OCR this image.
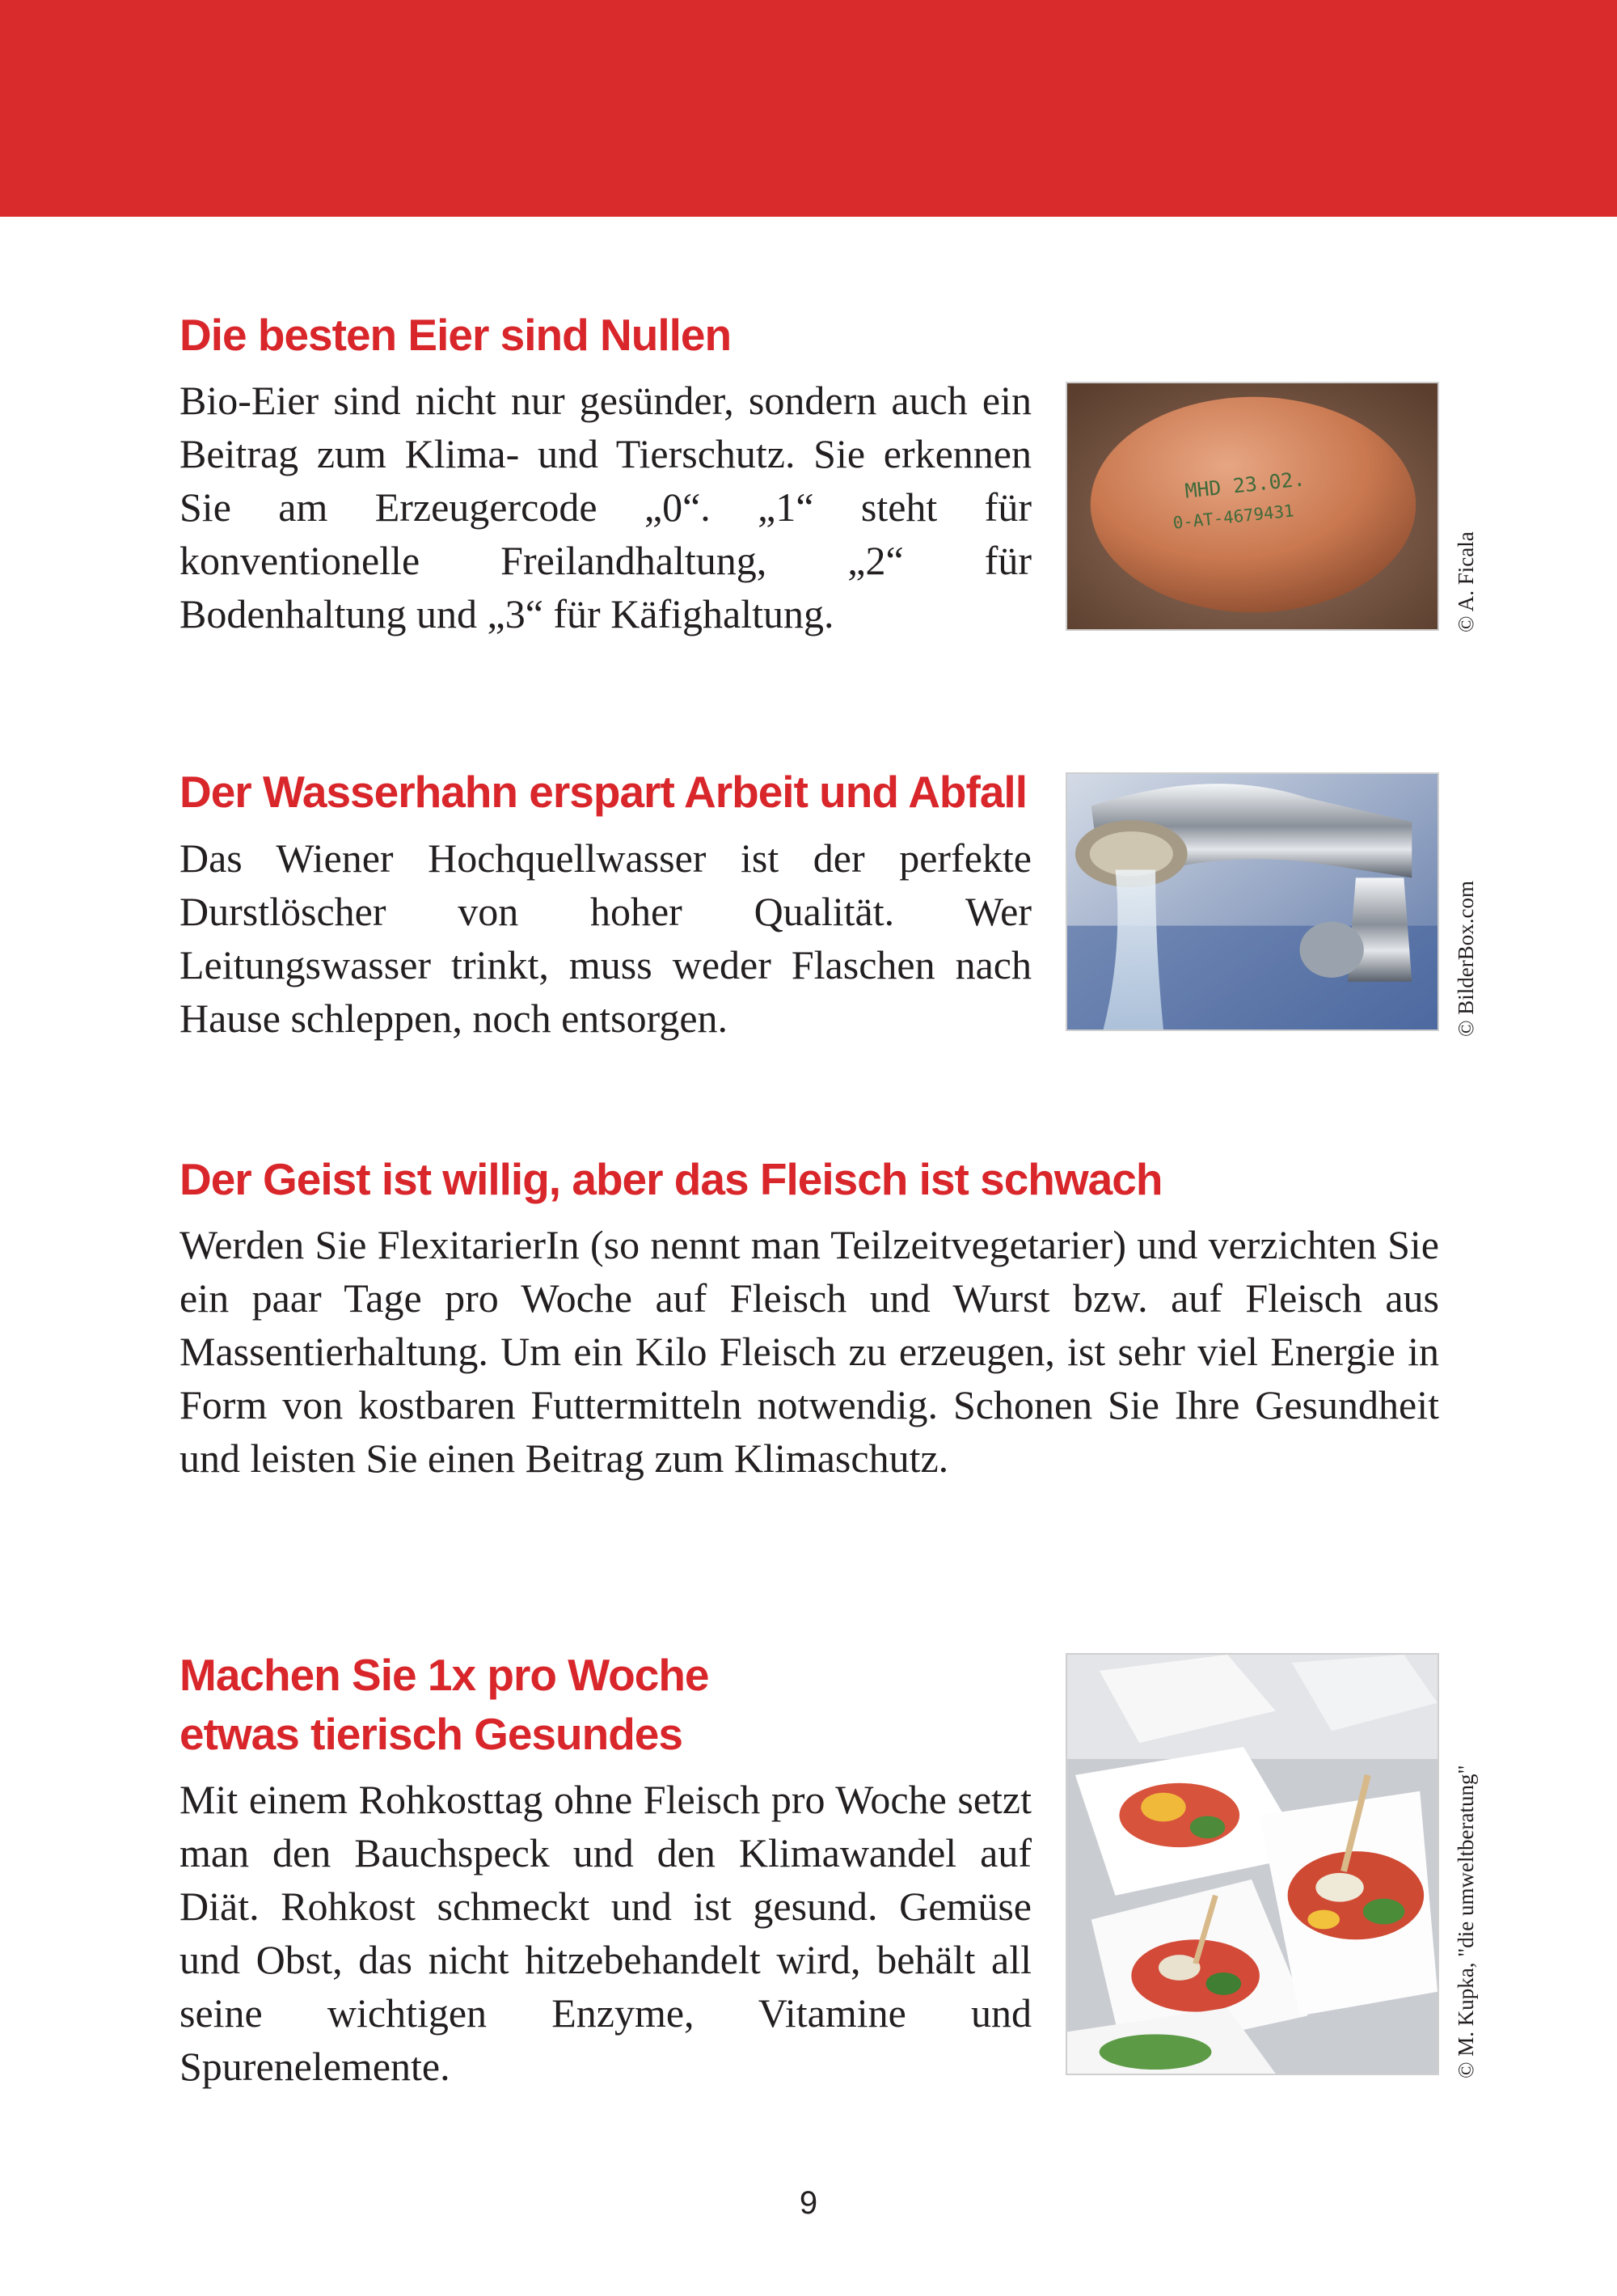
Die besten Eier sind Nullen

Bio-Eier sind nicht nur gesünder, sondern auch ein Beitrag zum Klima- und Tierschutz. Sie erkennen Sie am Erzeugercode „0“. „1“ steht für konventionelle Freilandhaltung, „2“ für Bodenhaltung und „3“ für Käfighaltung.

MHD 23.02.
0-AT-4679431
© A. Ficala
Der Wasserhahn erspart Arbeit und Abfall

Das Wiener Hochquellwasser ist der perfekte Durstlöscher von hoher Qualität. Wer Leitungswasser trinkt, muss weder Flaschen nach Hause schleppen, noch entsorgen.	© BilderBox.com
Der Geist ist willig, aber das Fleisch ist schwach

Werden Sie FlexitarierIn (so nennt man Teilzeitvegetarier) und verzichten Sie ein paar Tage pro Woche auf Fleisch und Wurst bzw. auf Fleisch aus Massentierhaltung. Um ein Kilo Fleisch zu erzeugen, ist sehr viel Energie in Form von kostbaren Futtermitteln notwendig. Schonen Sie Ihre Gesundheit und leisten Sie einen Beitrag zum Klimaschutz.

Machen Sie 1x pro Woche
etwas tierisch Gesundes

Mit einem Rohkosttag ohne Fleisch pro Woche setzt man den Bauchspeck und den Klimawandel auf Diät. Rohkost schmeckt und ist gesund. Gemüse und Obst, das nicht hitzebehandelt wird, behält all seine wichtigen Enzyme, Vitamine und Spurenelemente.	© M. Kupka, "die umweltberatung"
9
